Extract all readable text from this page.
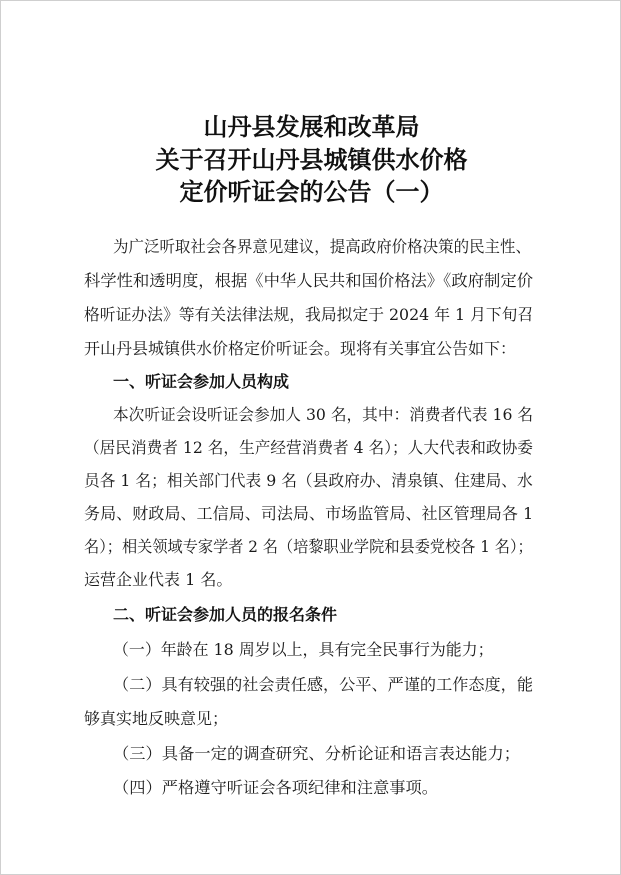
山丹县发展和改革局
关于召开山丹县城镇供水价格
定价听证会的公告（一）
为广泛听取社会各界意见建议，提高政府价格决策的民主性、
科学性和透明度，根据《中华人民共和国价格法》《政府制定价
格听证办法》等有关法律法规，我局拟定于 2024 年 1 月下旬召
开山丹县城镇供水价格定价听证会。现将有关事宜公告如下：
一、听证会参加人员构成
本次听证会设听证会参加人 30 名，其中：消费者代表 16 名
（居民消费者 12 名，生产经营消费者 4 名）；人大代表和政协委
员各 1 名；相关部门代表 9 名（县政府办、清泉镇、住建局、水
务局、财政局、工信局、司法局、市场监管局、社区管理局各 1
名）；相关领域专家学者 2 名（培黎职业学院和县委党校各 1 名）；
运营企业代表 1 名。
二、听证会参加人员的报名条件
（一）年龄在 18 周岁以上，具有完全民事行为能力；
（二）具有较强的社会责任感，公平、严谨的工作态度，能
够真实地反映意见；
（三）具备一定的调查研究、分析论证和语言表达能力；
（四）严格遵守听证会各项纪律和注意事项。
